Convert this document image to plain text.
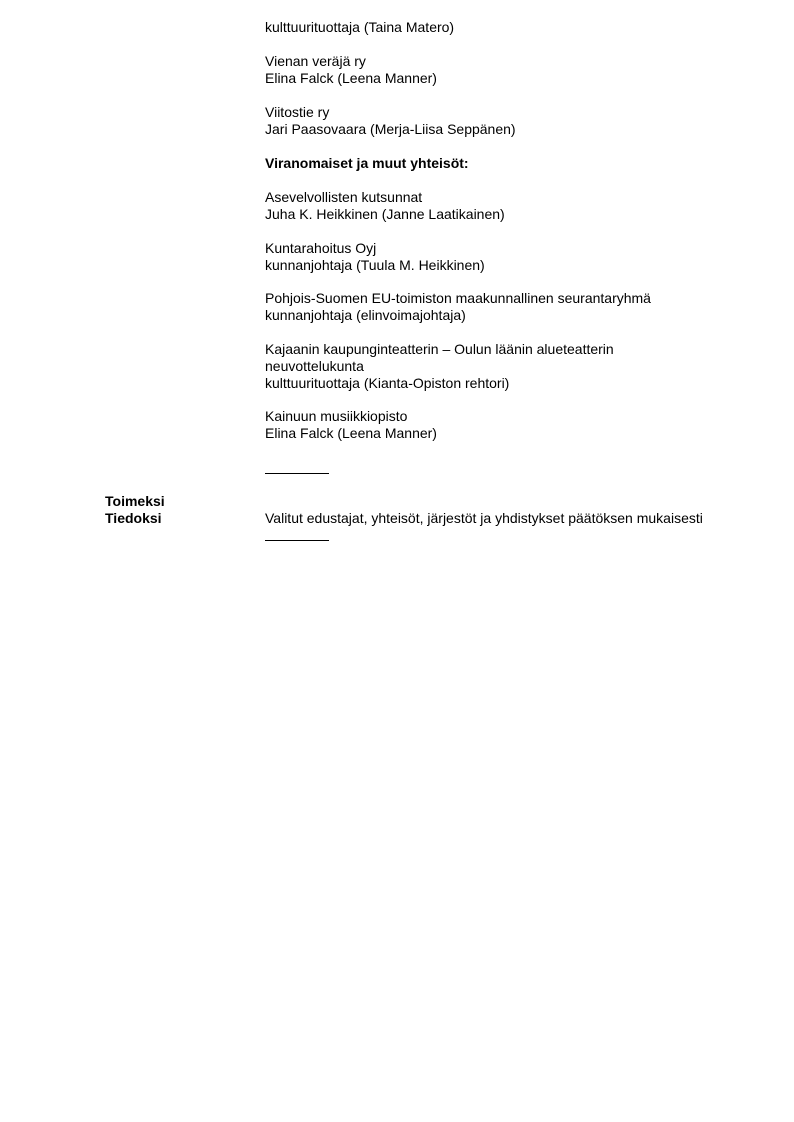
kulttuurituottaja (Taina Matero)
Vienan veräjä ry
Elina Falck (Leena Manner)
Viitostie ry
Jari Paasovaara (Merja-Liisa Seppänen)
Viranomaiset ja muut yhteisöt:
Asevelvollisten kutsunnat
Juha K. Heikkinen (Janne Laatikainen)
Kuntarahoitus Oyj
kunnanjohtaja (Tuula M. Heikkinen)
Pohjois-Suomen EU-toimiston maakunnallinen seurantaryhmä
kunnanjohtaja (elinvoimajohtaja)
Kajaanin kaupunginteatterin – Oulun läänin alueteatterin
neuvottelukunta
kulttuurituottaja (Kianta-Opiston rehtori)
Kainuun musiikkiopisto
Elina Falck (Leena Manner)
Toimeksi
Tiedoksi	Valitut edustajat, yhteisöt, järjestöt ja yhdistykset päätöksen mukaisesti
